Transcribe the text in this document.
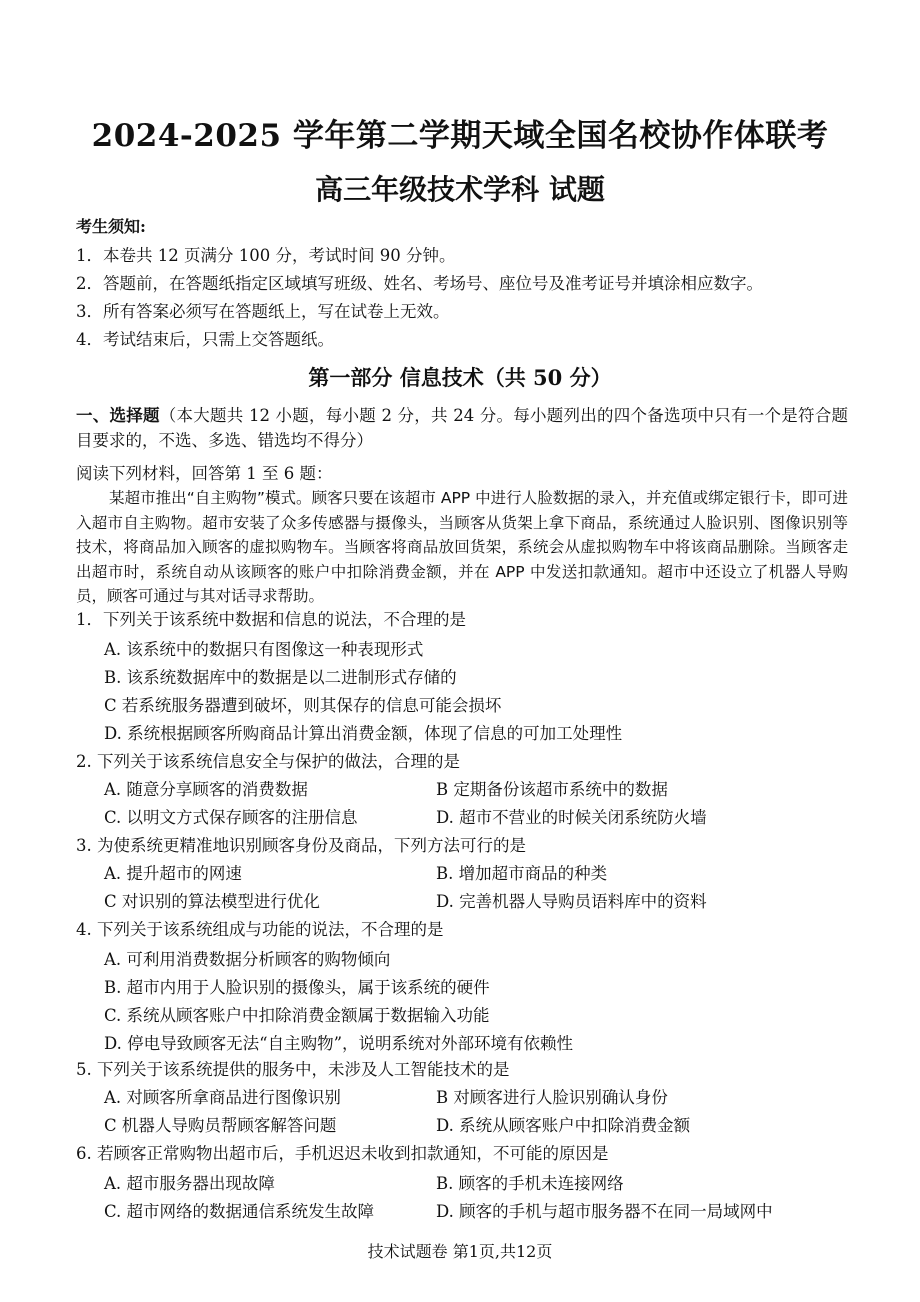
2024-2025 学年第二学期天域全国名校协作体联考
高三年级技术学科 试题
考生须知:
1．本卷共 12 页满分 100 分，考试时间 90 分钟。
2．答题前，在答题纸指定区域填写班级、姓名、考场号、座位号及准考证号并填涂相应数字。
3．所有答案必须写在答题纸上，写在试卷上无效。
4．考试结束后，只需上交答题纸。
第一部分 信息技术（共 50 分）
一、选择题（本大题共 12 小题，每小题 2 分，共 24 分。每小题列出的四个备选项中只有一个是符合题目要求的，不选、多选、错选均不得分）
阅读下列材料，回答第 1 至 6 题：
某超市推出“自主购物”模式。顾客只要在该超市 APP 中进行人脸数据的录入，并充值或绑定银行卡，即可进入超市自主购物。超市安装了众多传感器与摄像头，当顾客从货架上拿下商品，系统通过人脸识别、图像识别等技术，将商品加入顾客的虚拟购物车。当顾客将商品放回货架，系统会从虚拟购物车中将该商品删除。当顾客走出超市时，系统自动从该顾客的账户中扣除消费金额，并在 APP 中发送扣款通知。超市中还设立了机器人导购员，顾客可通过与其对话寻求帮助。
1．下列关于该系统中数据和信息的说法，不合理的是
A. 该系统中的数据只有图像这一种表现形式
B. 该系统数据库中的数据是以二进制形式存储的
C 若系统服务器遭到破坏，则其保存的信息可能会损坏
D. 系统根据顾客所购商品计算出消费金额，体现了信息的可加工处理性
2. 下列关于该系统信息安全与保护的做法，合理的是
A. 随意分享顾客的消费数据	B 定期备份该超市系统中的数据
C. 以明文方式保存顾客的注册信息	D. 超市不营业的时候关闭系统防火墙
3. 为使系统更精准地识别顾客身份及商品，下列方法可行的是
A. 提升超市的网速	B. 增加超市商品的种类
C 对识别的算法模型进行优化	D. 完善机器人导购员语料库中的资料
4. 下列关于该系统组成与功能的说法，不合理的是
A. 可利用消费数据分析顾客的购物倾向
B. 超市内用于人脸识别的摄像头，属于该系统的硬件
C. 系统从顾客账户中扣除消费金额属于数据输入功能
D. 停电导致顾客无法“自主购物”，说明系统对外部环境有依赖性
5. 下列关于该系统提供的服务中，未涉及人工智能技术的是
A. 对顾客所拿商品进行图像识别	B 对顾客进行人脸识别确认身份
C 机器人导购员帮顾客解答问题	D. 系统从顾客账户中扣除消费金额
6. 若顾客正常购物出超市后，手机迟迟未收到扣款通知，不可能的原因是
A. 超市服务器出现故障	B. 顾客的手机未连接网络
C. 超市网络的数据通信系统发生故障	D. 顾客的手机与超市服务器不在同一局域网中
技术试题卷 第1页,共12页
